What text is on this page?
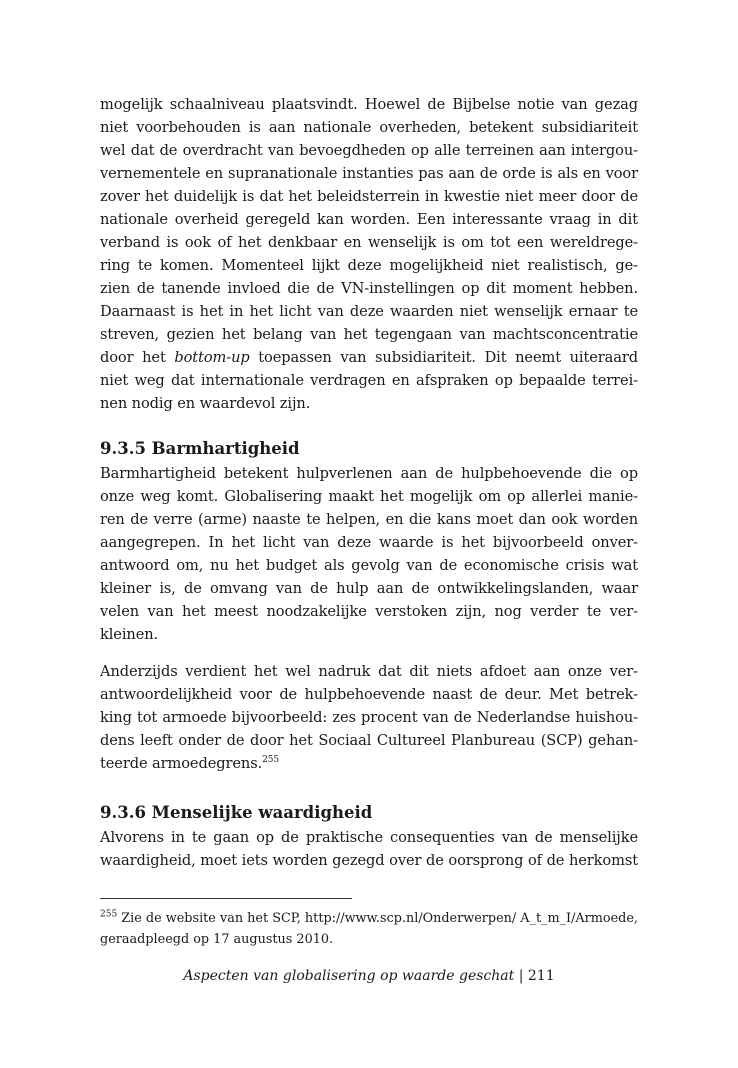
mogelijk schaalniveau plaatsvindt. Hoewel de Bijbelse notie van gezag
niet voorbehouden is aan nationale overheden, betekent subsidiariteit
wel dat de overdracht van bevoegdheden op alle terreinen aan intergou-
vernementele en supranationale instanties pas aan de orde is als en voor
zover het duidelijk is dat het beleidsterrein in kwestie niet meer door de
nationale overheid geregeld kan worden. Een interessante vraag in dit
verband is ook of het denkbaar en wenselijk is om tot een wereldrege-
ring te komen. Momenteel lijkt deze mogelijkheid niet realistisch, ge-
zien de tanende invloed die de VN-instellingen op dit moment hebben.
Daarnaast is het in het licht van deze waarden niet wenselijk ernaar te
streven, gezien het belang van het tegengaan van machtsconcentratie
door het bottom-up toepassen van subsidiariteit. Dit neemt uiteraard
niet weg dat internationale verdragen en afspraken op bepaalde terrei-
nen nodig en waardevol zijn.
9.3.5 Barmhartigheid
Barmhartigheid betekent hulpverlenen aan de hulpbehoevende die op
onze weg komt. Globalisering maakt het mogelijk om op allerlei manie-
ren de verre (arme) naaste te helpen, en die kans moet dan ook worden
aangegrepen. In het licht van deze waarde is het bijvoorbeeld onver-
antwoord om, nu het budget als gevolg van de economische crisis wat
kleiner is, de omvang van de hulp aan de ontwikkelingslanden, waar
velen van het meest noodzakelijke verstoken zijn, nog verder te ver-
kleinen.
Anderzijds verdient het wel nadruk dat dit niets afdoet aan onze ver-
antwoordelijkheid voor de hulpbehoevende naast de deur. Met betrek-
king tot armoede bijvoorbeeld: zes procent van de Nederlandse huishou-
dens leeft onder de door het Sociaal Cultureel Planbureau (SCP) gehan-
teerde armoedegrens.$^{255}$
9.3.6 Menselijke waardigheid
Alvorens in te gaan op de praktische consequenties van de menselijke
waardigheid, moet iets worden gezegd over de oorsprong of de herkomst
$^{255}$ Zie de website van het SCP, http://www.scp.nl/Onderwerpen/ A_t_m_I/Armoede,
geraadpleegd op 17 augustus 2010.
Aspecten van globalisering op waarde geschat | 211
